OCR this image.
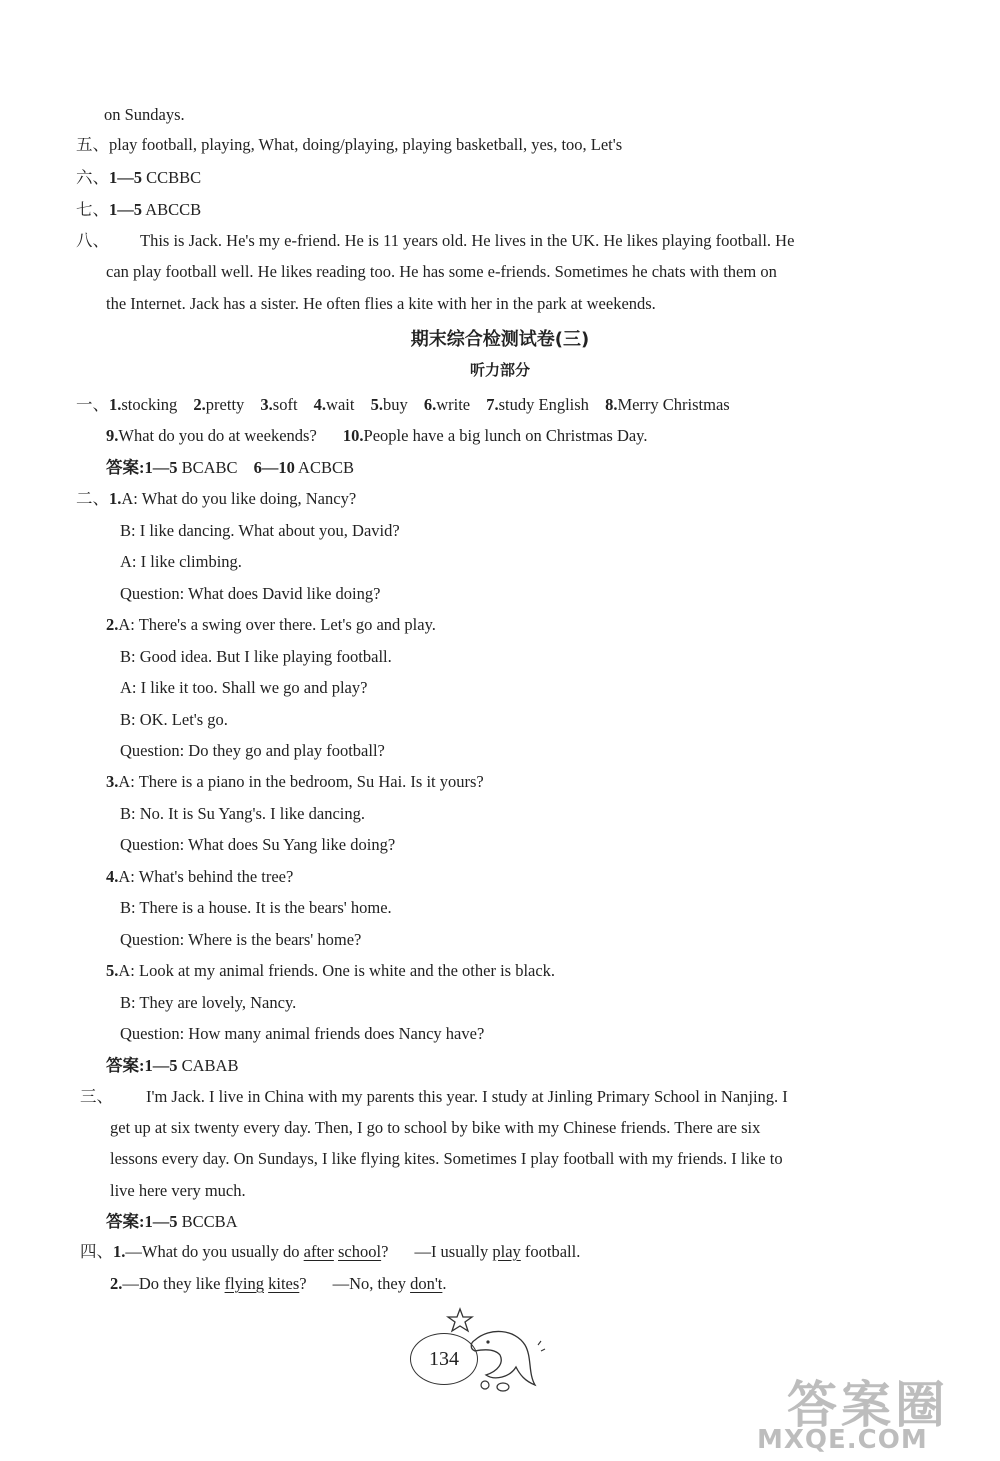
on Sundays.
五、play football, playing, What, doing/playing, playing basketball, yes, too, Let's
六、1—5 CCBBC
七、1—5 ABCCB
八、 This is Jack. He's my e-friend. He is 11 years old. He lives in the UK. He likes playing football. He
can play football well. He likes reading too. He has some e-friends. Sometimes he chats with them on
the Internet. Jack has a sister. He often flies a kite with her in the park at weekends.
期末综合检测试卷(三)
听力部分
一、1.stocking 2.pretty 3.soft 4.wait 5.buy 6.write 7.study English 8.Merry Christmas
9.What do you do at weekends? 10.People have a big lunch on Christmas Day.
答案:1—5 BCABC 6—10 ACBCB
二、1.A: What do you like doing, Nancy?
B: I like dancing. What about you, David?
A: I like climbing.
Question: What does David like doing?
2.A: There's a swing over there. Let's go and play.
B: Good idea. But I like playing football.
A: I like it too. Shall we go and play?
B: OK. Let's go.
Question: Do they go and play football?
3.A: There is a piano in the bedroom, Su Hai. Is it yours?
B: No. It is Su Yang's. I like dancing.
Question: What does Su Yang like doing?
4.A: What's behind the tree?
B: There is a house. It is the bears' home.
Question: Where is the bears' home?
5.A: Look at my animal friends. One is white and the other is black.
B: They are lovely, Nancy.
Question: How many animal friends does Nancy have?
答案:1—5 CABAB
三、 I'm Jack. I live in China with my parents this year. I study at Jinling Primary School in Nanjing. I
get up at six twenty every day. Then, I go to school by bike with my Chinese friends. There are six
lessons every day. On Sundays, I like flying kites. Sometimes I play football with my friends. I like to
live here very much.
答案:1—5 BCCBA
四、1.—What do you usually do after school? —I usually play football.
2.—Do they like flying kites? —No, they don't.
134
答案圈
MXQE.COM
